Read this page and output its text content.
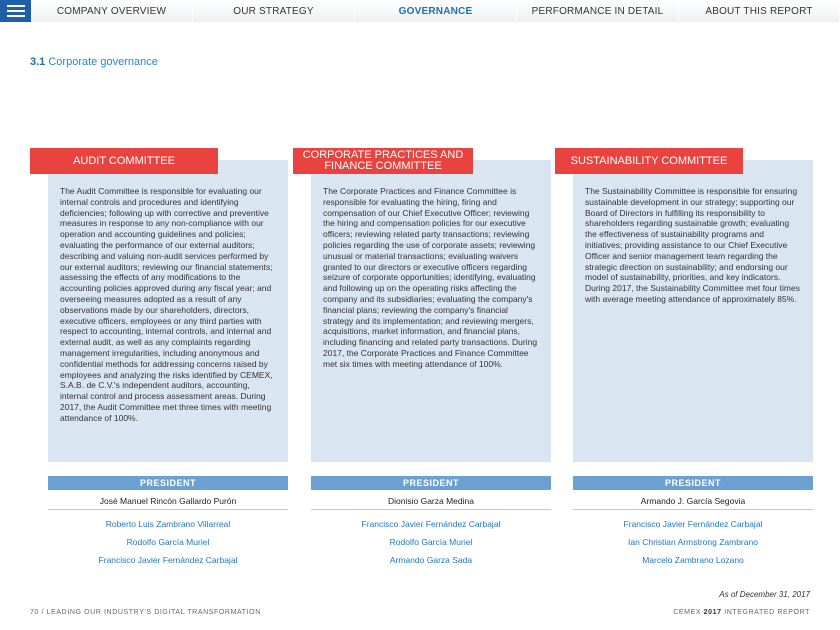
COMPANY OVERVIEW	OUR STRATEGY	GOVERNANCE	PERFORMANCE IN DETAIL	ABOUT THIS REPORT
3.1 Corporate governance
AUDIT COMMITTEE
The Audit Committee is responsible for evaluating our internal controls and procedures and identifying deficiencies; following up with corrective and preventive measures in response to any non-compliance with our operation and accounting guidelines and policies; evaluating the performance of our external auditors; describing and valuing non-audit services performed by our external auditors; reviewing our financial statements; assessing the effects of any modifications to the accounting policies approved during any fiscal year; and overseeing measures adopted as a result of any observations made by our shareholders, directors, executive officers, employees or any third parties with respect to accounting, internal controls, and internal and external audit, as well as any complaints regarding management irregularities, including anonymous and confidential methods for addressing concerns raised by employees and analyzing the risks identified by CEMEX, S.A.B. de C.V.'s independent auditors, accounting, internal control and process assessment areas. During 2017, the Audit Committee met three times with meeting attendance of 100%.
PRESIDENT
José Manuel Rincón Gallardo Purón
Roberto Luis Zambrano Villarreal
Rodolfo García Muriel
Francisco Javier Fernández Carbajal
CORPORATE PRACTICES AND FINANCE COMMITTEE
The Corporate Practices and Finance Committee is responsible for evaluating the hiring, firing and compensation of our Chief Executive Officer; reviewing the hiring and compensation policies for our executive officers; reviewing related party transactions; reviewing policies regarding the use of corporate assets; reviewing unusual or material transactions; evaluating waivers granted to our directors or executive officers regarding seizure of corporate opportunities; identifying, evaluating and following up on the operating risks affecting the company and its subsidiaries; evaluating the company's financial plans; reviewing the company's financial strategy and its implementation; and reviewing mergers, acquisitions, market information, and financial plans, including financing and related party transactions. During 2017, the Corporate Practices and Finance Committee met six times with meeting attendance of 100%.
PRESIDENT
Dionisio Garza Medina
Francisco Javier Fernández Carbajal
Rodolfo García Muriel
Armando Garza Sada
SUSTAINABILITY COMMITTEE
The Sustainability Committee is responsible for ensuring sustainable development in our strategy; supporting our Board of Directors in fulfilling its responsibility to shareholders regarding sustainable growth; evaluating the effectiveness of sustainability programs and initiatives; providing assistance to our Chief Executive Officer and senior management team regarding the strategic direction on sustainability; and endorsing our model of sustainability, priorities, and key indicators. During 2017, the Sustainability Committee met four times with average meeting attendance of approximately 85%.
PRESIDENT
Armando J. García Segovia
Francisco Javier Fernández Carbajal
Ian Christian Armstrong Zambrano
Marcelo Zambrano Lozano
As of December 31, 2017
70 / LEADING OUR INDUSTRY'S DIGITAL TRANSFORMATION	CEMEX 2017 INTEGRATED REPORT
